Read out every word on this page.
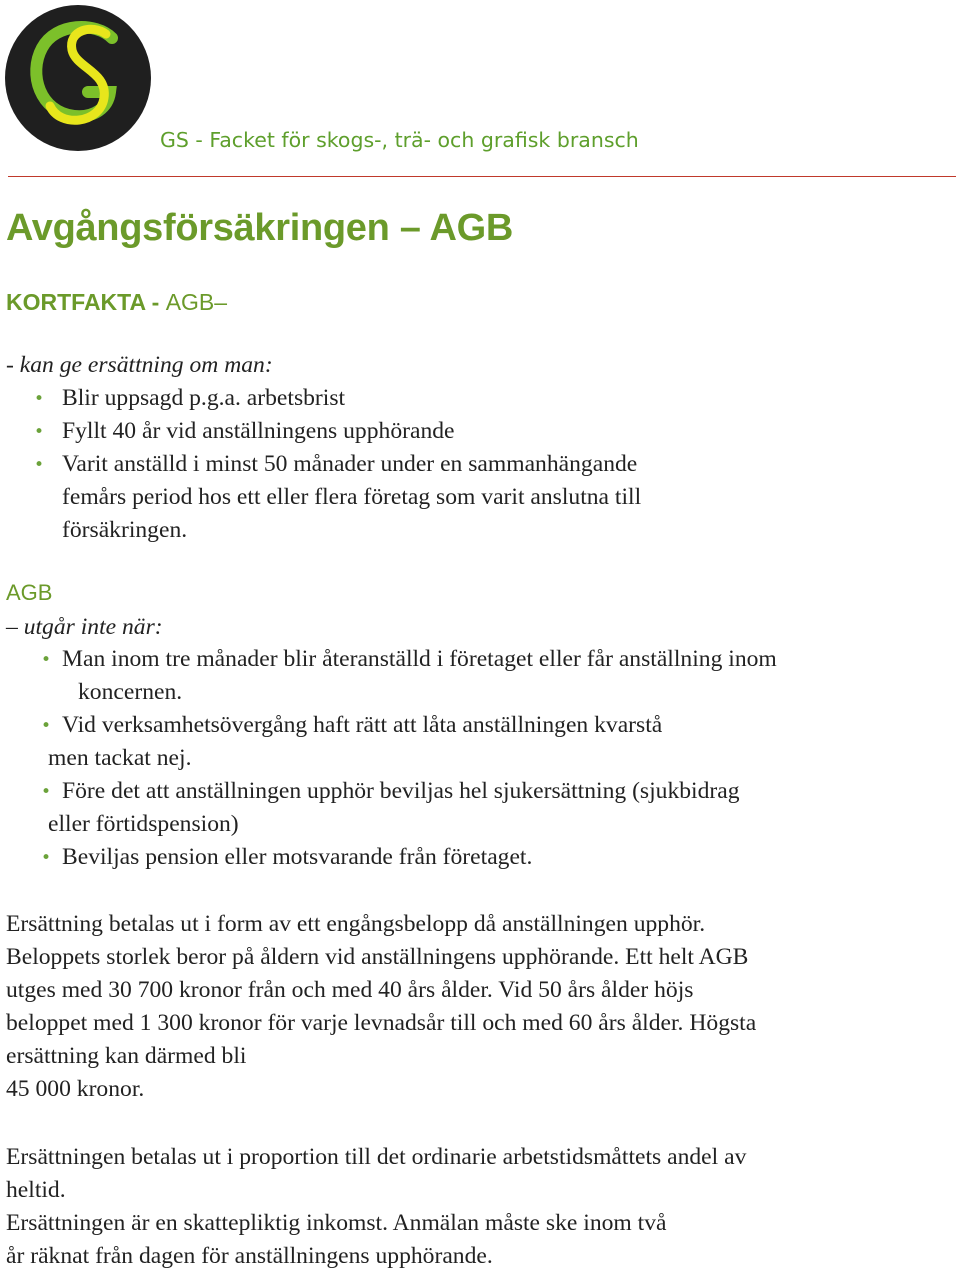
GS - Facket för skogs-, trä- och grafisk bransch

Avgångsförsäkringen – AGB

KORTFAKTA - AGB–

- kan ge ersättning om man:

• Blir uppsagd p.g.a. arbetsbrist

• Fyllt 40 år vid anställningens upphörande

• Varit anställd i minst 50 månader under en sammanhängande

femårs period hos ett eller flera företag som varit anslutna till

försäkringen.

AGB

– utgår inte när:

• Man inom tre månader blir återanställd i företaget eller får anställning inom

koncernen.

• Vid verksamhetsövergång haft rätt att låta anställningen kvarstå

men tackat nej.

• Före det att anställningen upphör beviljas hel sjukersättning (sjukbidrag

eller förtidspension)

• Beviljas pension eller motsvarande från företaget.

Ersättning betalas ut i form av ett engångsbelopp då anställningen upphör.

Beloppets storlek beror på åldern vid anställningens upphörande. Ett helt AGB

utges med 30 700 kronor från och med 40 års ålder. Vid 50 års ålder höjs

beloppet med 1 300 kronor för varje levnadsår till och med 60 års ålder. Högsta

ersättning kan därmed bli

45 000 kronor.

Ersättningen betalas ut i proportion till det ordinarie arbetstidsmåttets andel av

heltid.

Ersättningen är en skattepliktig inkomst. Anmälan måste ske inom två

år räknat från dagen för anställningens upphörande.
